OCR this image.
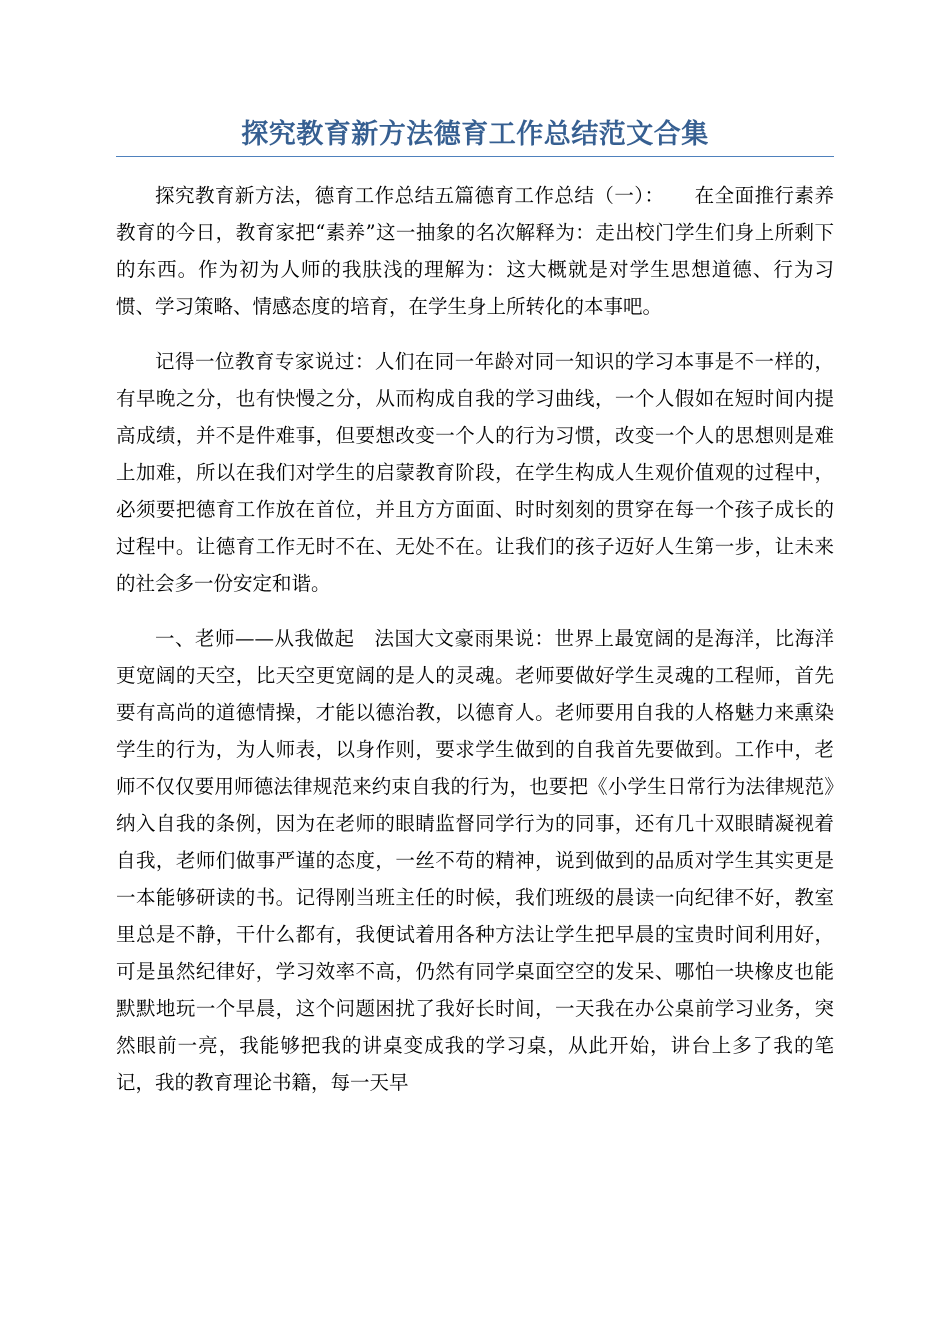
探究教育新方法德育工作总结范文合集

探究教育新方法，德育工作总结五篇德育工作总结（一）：　　在全面推行素养教育的今日，教育家把“素养”这一抽象的名次解释为：走出校门学生们身上所剩下的东西。作为初为人师的我肤浅的理解为：这大概就是对学生思想道德、行为习惯、学习策略、情感态度的培育，在学生身上所转化的本事吧。

记得一位教育专家说过：人们在同一年龄对同一知识的学习本事是不一样的，有早晚之分，也有快慢之分，从而构成自我的学习曲线，一个人假如在短时间内提高成绩，并不是件难事，但要想改变一个人的行为习惯，改变一个人的思想则是难上加难，所以在我们对学生的启蒙教育阶段，在学生构成人生观价值观的过程中，必须要把德育工作放在首位，并且方方面面、时时刻刻的贯穿在每一个孩子成长的过程中。让德育工作无时不在、无处不在。让我们的孩子迈好人生第一步，让未来的社会多一份安定和谐。

一、老师——从我做起　法国大文豪雨果说：世界上最宽阔的是海洋，比海洋更宽阔的天空，比天空更宽阔的是人的灵魂。老师要做好学生灵魂的工程师，首先要有高尚的道德情操，才能以德治教，以德育人。老师要用自我的人格魅力来熏染学生的行为，为人师表，以身作则，要求学生做到的自我首先要做到。工作中，老师不仅仅要用师德法律规范来约束自我的行为，也要把《小学生日常行为法律规范》纳入自我的条例，因为在老师的眼睛监督同学行为的同事，还有几十双眼睛凝视着自我，老师们做事严谨的态度，一丝不苟的精神，说到做到的品质对学生其实更是一本能够研读的书。记得刚当班主任的时候，我们班级的晨读一向纪律不好，教室里总是不静，干什么都有，我便试着用各种方法让学生把早晨的宝贵时间利用好，可是虽然纪律好，学习效率不高，仍然有同学桌面空空的发呆、哪怕一块橡皮也能默默地玩一个早晨，这个问题困扰了我好长时间，一天我在办公桌前学习业务，突然眼前一亮，我能够把我的讲桌变成我的学习桌，从此开始，讲台上多了我的笔记，我的教育理论书籍，每一天早
